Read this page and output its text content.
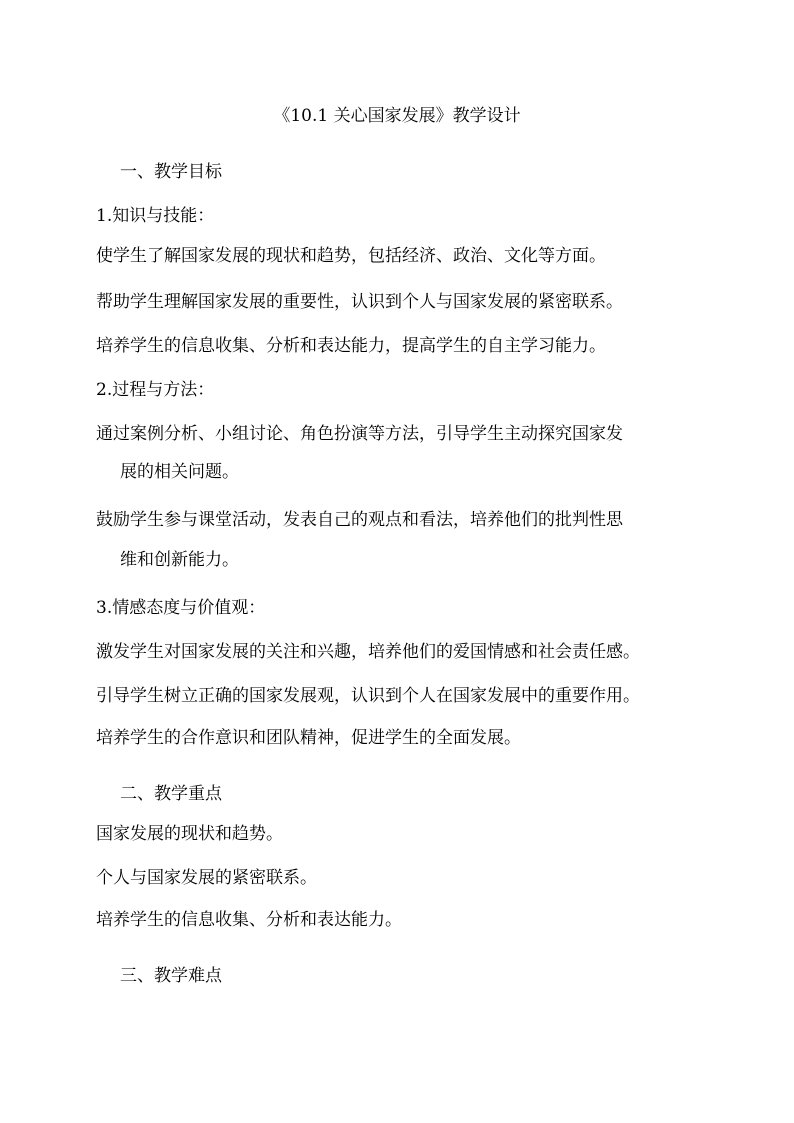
《10.1 关心国家发展》教学设计
一、教学目标
1.知识与技能：
使学生了解国家发展的现状和趋势，包括经济、政治、文化等方面。
帮助学生理解国家发展的重要性，认识到个人与国家发展的紧密联系。
培养学生的信息收集、分析和表达能力，提高学生的自主学习能力。
2.过程与方法：
通过案例分析、小组讨论、角色扮演等方法，引导学生主动探究国家发
展的相关问题。
鼓励学生参与课堂活动，发表自己的观点和看法，培养他们的批判性思
维和创新能力。
3.情感态度与价值观：
激发学生对国家发展的关注和兴趣，培养他们的爱国情感和社会责任感。
引导学生树立正确的国家发展观，认识到个人在国家发展中的重要作用。
培养学生的合作意识和团队精神，促进学生的全面发展。
二、教学重点
国家发展的现状和趋势。
个人与国家发展的紧密联系。
培养学生的信息收集、分析和表达能力。
三、教学难点
